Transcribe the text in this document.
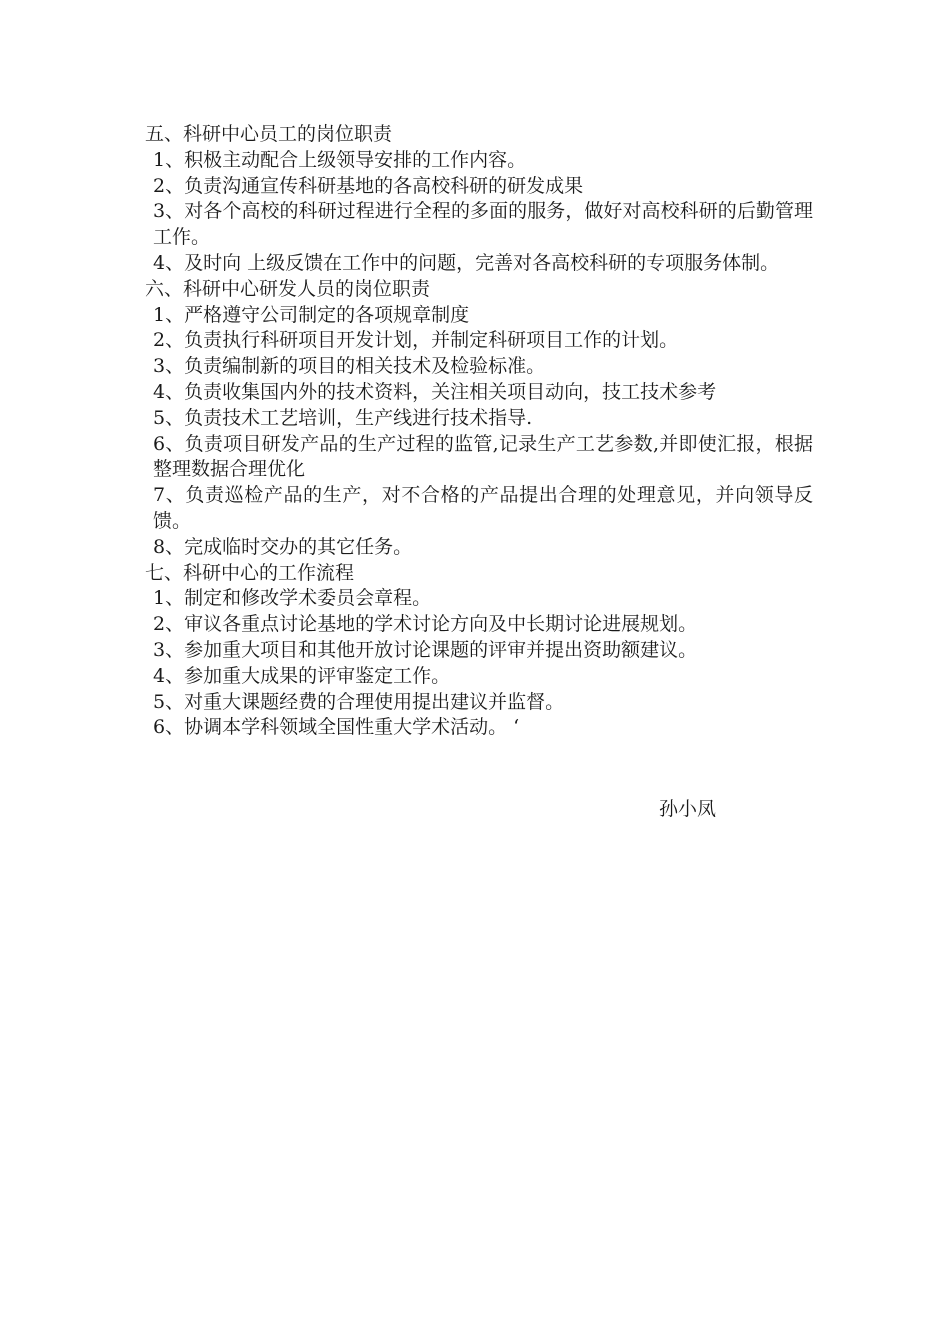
五、科研中心员工的岗位职责

1、积极主动配合上级领导安排的工作内容。

2、负责沟通宣传科研基地的各高校科研的研发成果

3、对各个高校的科研过程进行全程的多面的服务，做好对高校科研的后勤管理工作。

4、及时向 上级反馈在工作中的问题，完善对各高校科研的专项服务体制。

六、科研中心研发人员的岗位职责

1、严格遵守公司制定的各项规章制度

2、负责执行科研项目开发计划，并制定科研项目工作的计划。

3、负责编制新的项目的相关技术及检验标准。

4、负责收集国内外的技术资料，关注相关项目动向，技工技术参考

5、负责技术工艺培训，生产线进行技术指导.

6、负责项目研发产品的生产过程的监管,记录生产工艺参数,并即使汇报，根据整理数据合理优化

7、负责巡检产品的生产，对不合格的产品提出合理的处理意见，并向领导反馈。

8、完成临时交办的其它任务。

七、科研中心的工作流程

1、制定和修改学术委员会章程。

2、审议各重点讨论基地的学术讨论方向及中长期讨论进展规划。

3、参加重大项目和其他开放讨论课题的评审并提出资助额建议。

4、参加重大成果的评审鉴定工作。

5、对重大课题经费的合理使用提出建议并监督。

6、协调本学科领域全国性重大学术活动。 ‘

孙小凤
